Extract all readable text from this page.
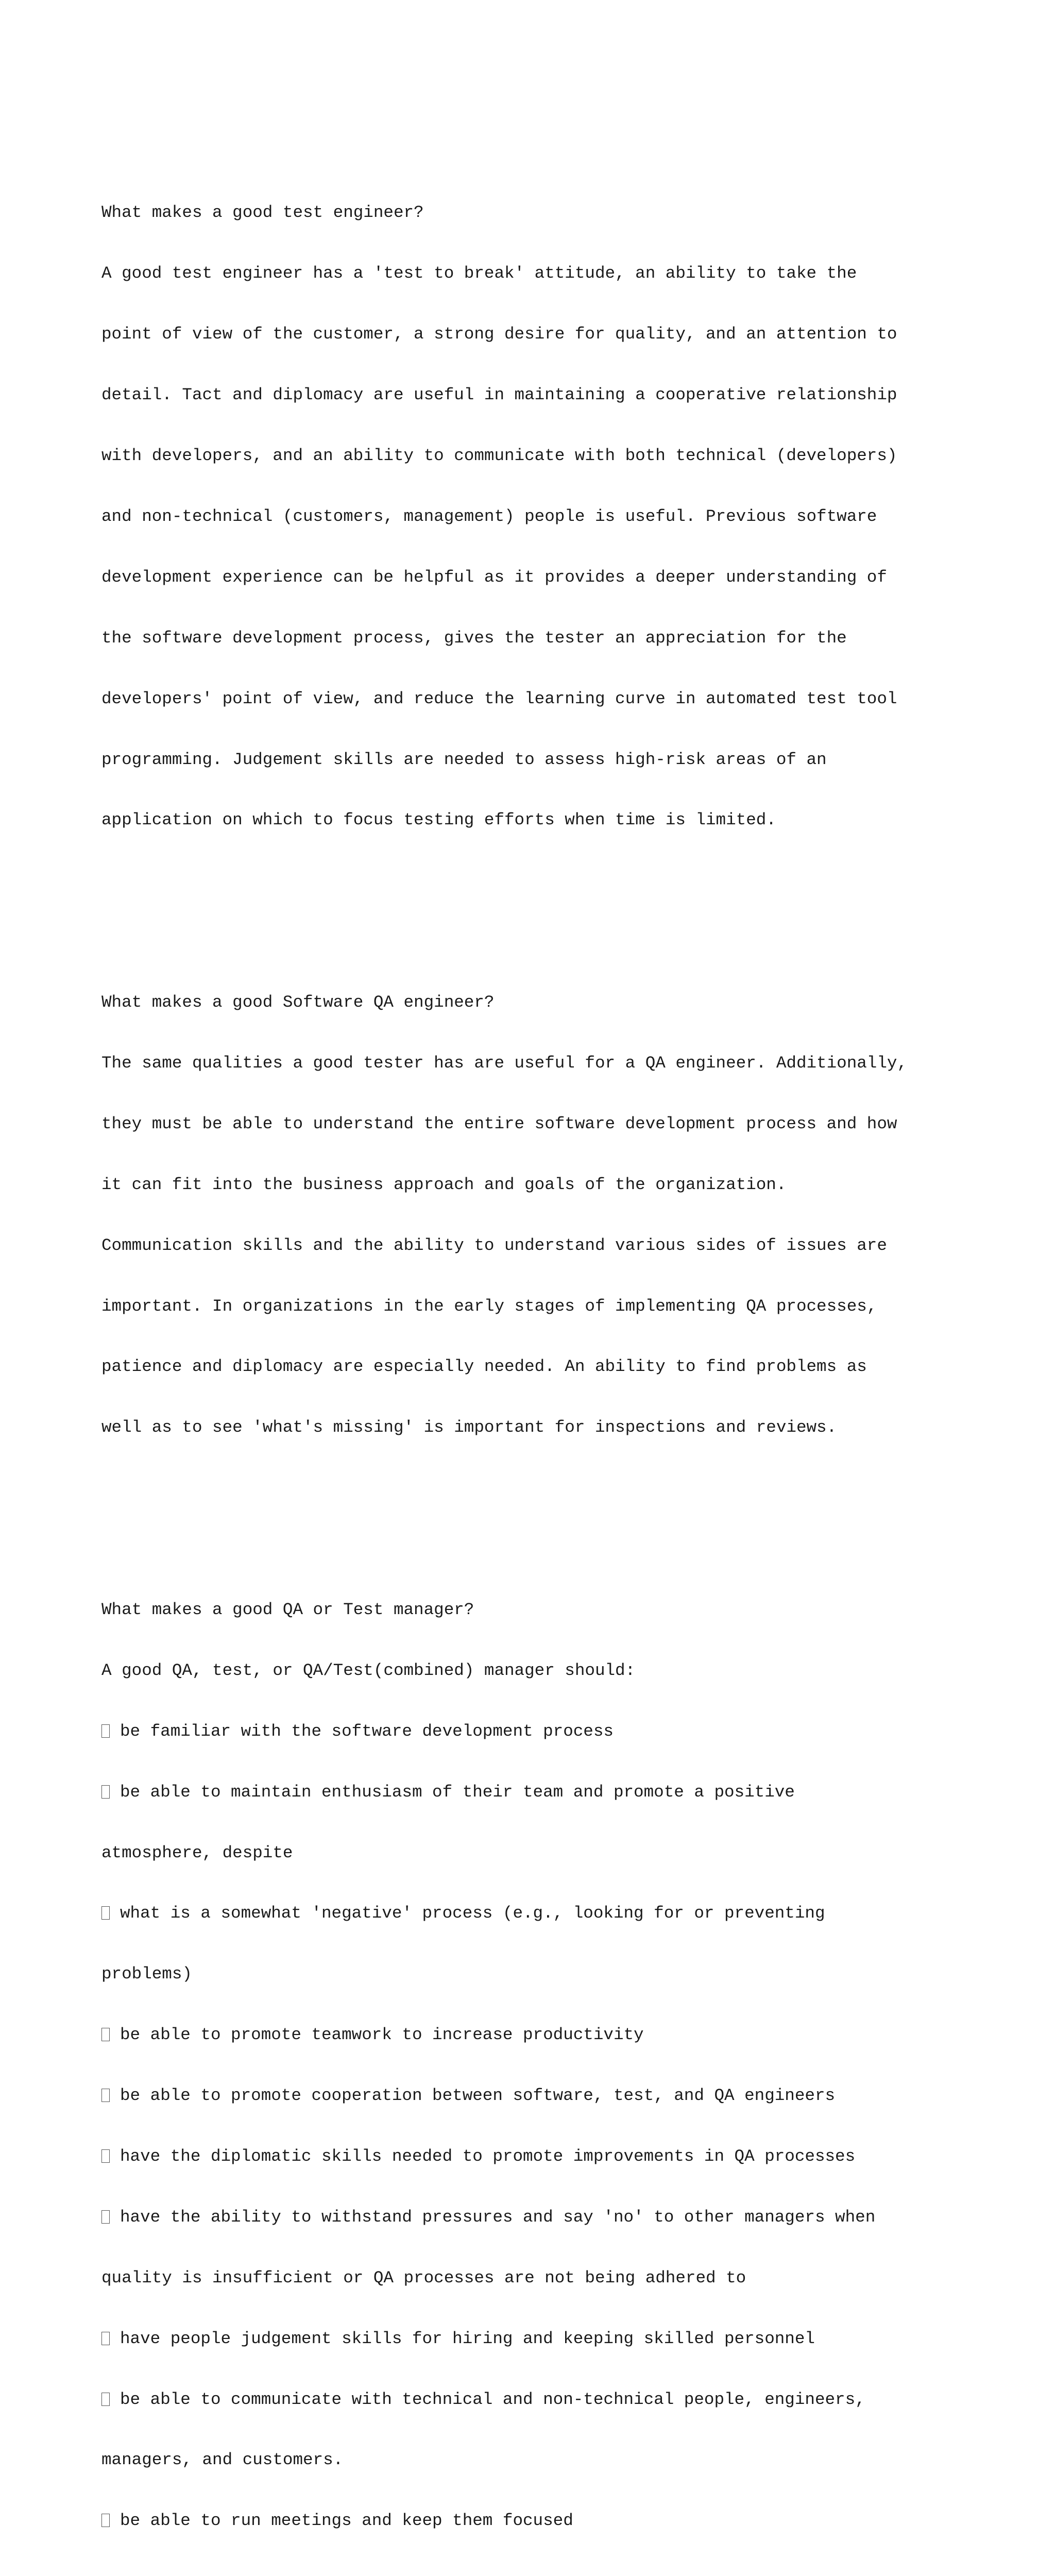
What makes a good test engineer?

A good test engineer has a 'test to break' attitude, an ability to take the

point of view of the customer, a strong desire for quality, and an attention to

detail. Tact and diplomacy are useful in maintaining a cooperative relationship

with developers, and an ability to communicate with both technical (developers)

and non-technical (customers, management) people is useful. Previous software

development experience can be helpful as it provides a deeper understanding of

the software development process, gives the tester an appreciation for the

developers' point of view, and reduce the learning curve in automated test tool

programming. Judgement skills are needed to assess high-risk areas of an

application on which to focus testing efforts when time is limited.

What makes a good Software QA engineer?

The same qualities a good tester has are useful for a QA engineer. Additionally,

they must be able to understand the entire software development process and how

it can fit into the business approach and goals of the organization.

Communication skills and the ability to understand various sides of issues are

important. In organizations in the early stages of implementing QA processes,

patience and diplomacy are especially needed. An ability to find problems as

well as to see 'what's missing' is important for inspections and reviews.

What makes a good QA or Test manager?

A good QA, test, or QA/Test(combined) manager should:

be familiar with the software development process

be able to maintain enthusiasm of their team and promote a positive

atmosphere, despite

what is a somewhat 'negative' process (e.g., looking for or preventing

problems)

be able to promote teamwork to increase productivity

be able to promote cooperation between software, test, and QA engineers

have the diplomatic skills needed to promote improvements in QA processes

have the ability to withstand pressures and say 'no' to other managers when

quality is insufficient or QA processes are not being adhered to

have people judgement skills for hiring and keeping skilled personnel

be able to communicate with technical and non-technical people, engineers,

managers, and customers.

be able to run meetings and keep them focused
